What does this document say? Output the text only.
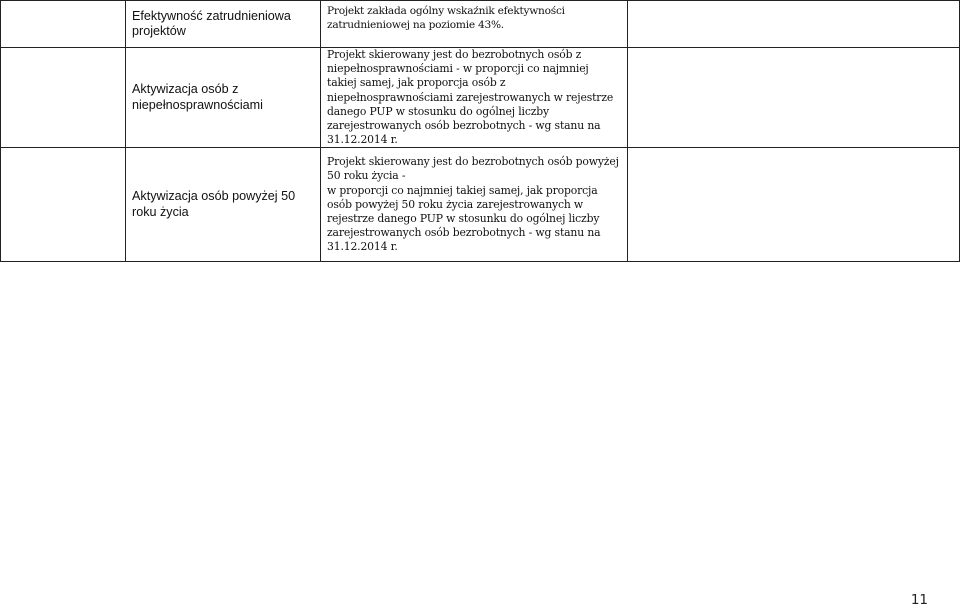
	Efektywność zatrudnieniowa projektów	Projekt zakłada ogólny wskaźnik efektywności zatrudnieniowej na poziomie 43%.	
	Aktywizacja osób z niepełnosprawnościami	Projekt skierowany jest do bezrobotnych osób z niepełnosprawnościami - w proporcji co najmniej takiej samej, jak proporcja osób z niepełnosprawnościami zarejestrowanych w rejestrze danego PUP w stosunku do ogólnej liczby zarejestrowanych osób bezrobotnych - wg stanu na 31.12.2014 r.	
	Aktywizacja osób powyżej 50 roku życia	Projekt skierowany jest do bezrobotnych osób powyżej 50 roku życia -

w proporcji co najmniej takiej samej, jak proporcja osób powyżej 50 roku życia zarejestrowanych w rejestrze danego PUP w stosunku do ogólnej liczby zarejestrowanych osób bezrobotnych - wg stanu na 31.12.2014 r.	

11
